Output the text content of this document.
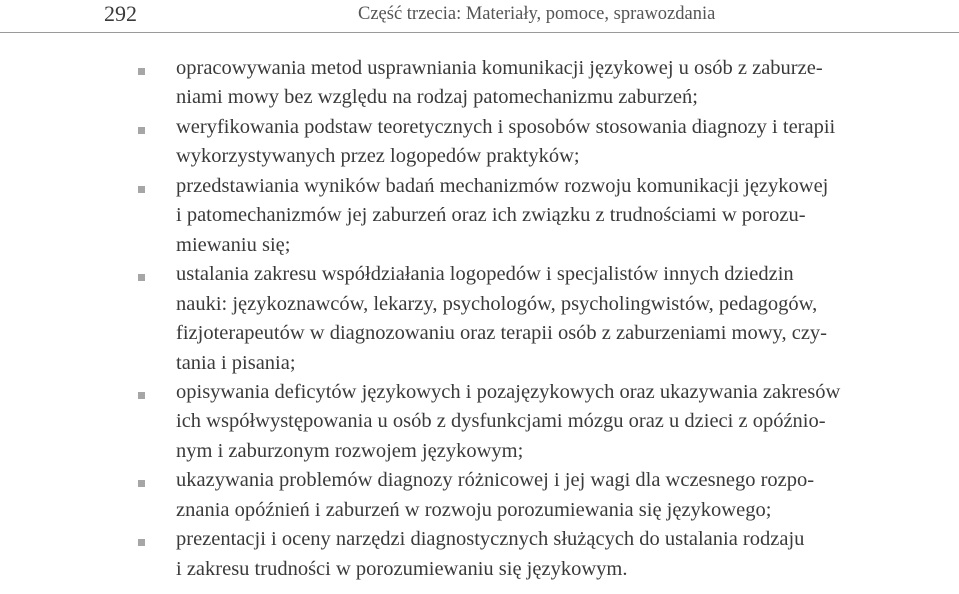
292	Część trzecia: Materiały, pomoce, sprawozdania
opracowywania metod usprawniania komunikacji językowej u osób z zaburze-
niami mowy bez względu na rodzaj patomechanizmu zaburzeń;
weryfikowania podstaw teoretycznych i sposobów stosowania diagnozy i terapii
wykorzystywanych przez logopedów praktyków;
przedstawiania wyników badań mechanizmów rozwoju komunikacji językowej
i patomechanizmów jej zaburzeń oraz ich związku z trudnościami w porozu-
miewaniu się;
ustalania zakresu współdziałania logopedów i specjalistów innych dziedzin
nauki: językoznawców, lekarzy, psychologów, psycholingwistów, pedagogów,
fizjoterapeutów w diagnozowaniu oraz terapii osób z zaburzeniami mowy, czy-
tania i pisania;
opisywania deficytów językowych i pozajęzykowych oraz ukazywania zakresów
ich współwystępowania u osób z dysfunkcjami mózgu oraz u dzieci z opóźnio-
nym i zaburzonym rozwojem językowym;
ukazywania problemów diagnozy różnicowej i jej wagi dla wczesnego rozpo-
znania opóźnień i zaburzeń w rozwoju porozumiewania się językowego;
prezentacji i oceny narzędzi diagnostycznych służących do ustalania rodzaju
i zakresu trudności w porozumiewaniu się językowym.
